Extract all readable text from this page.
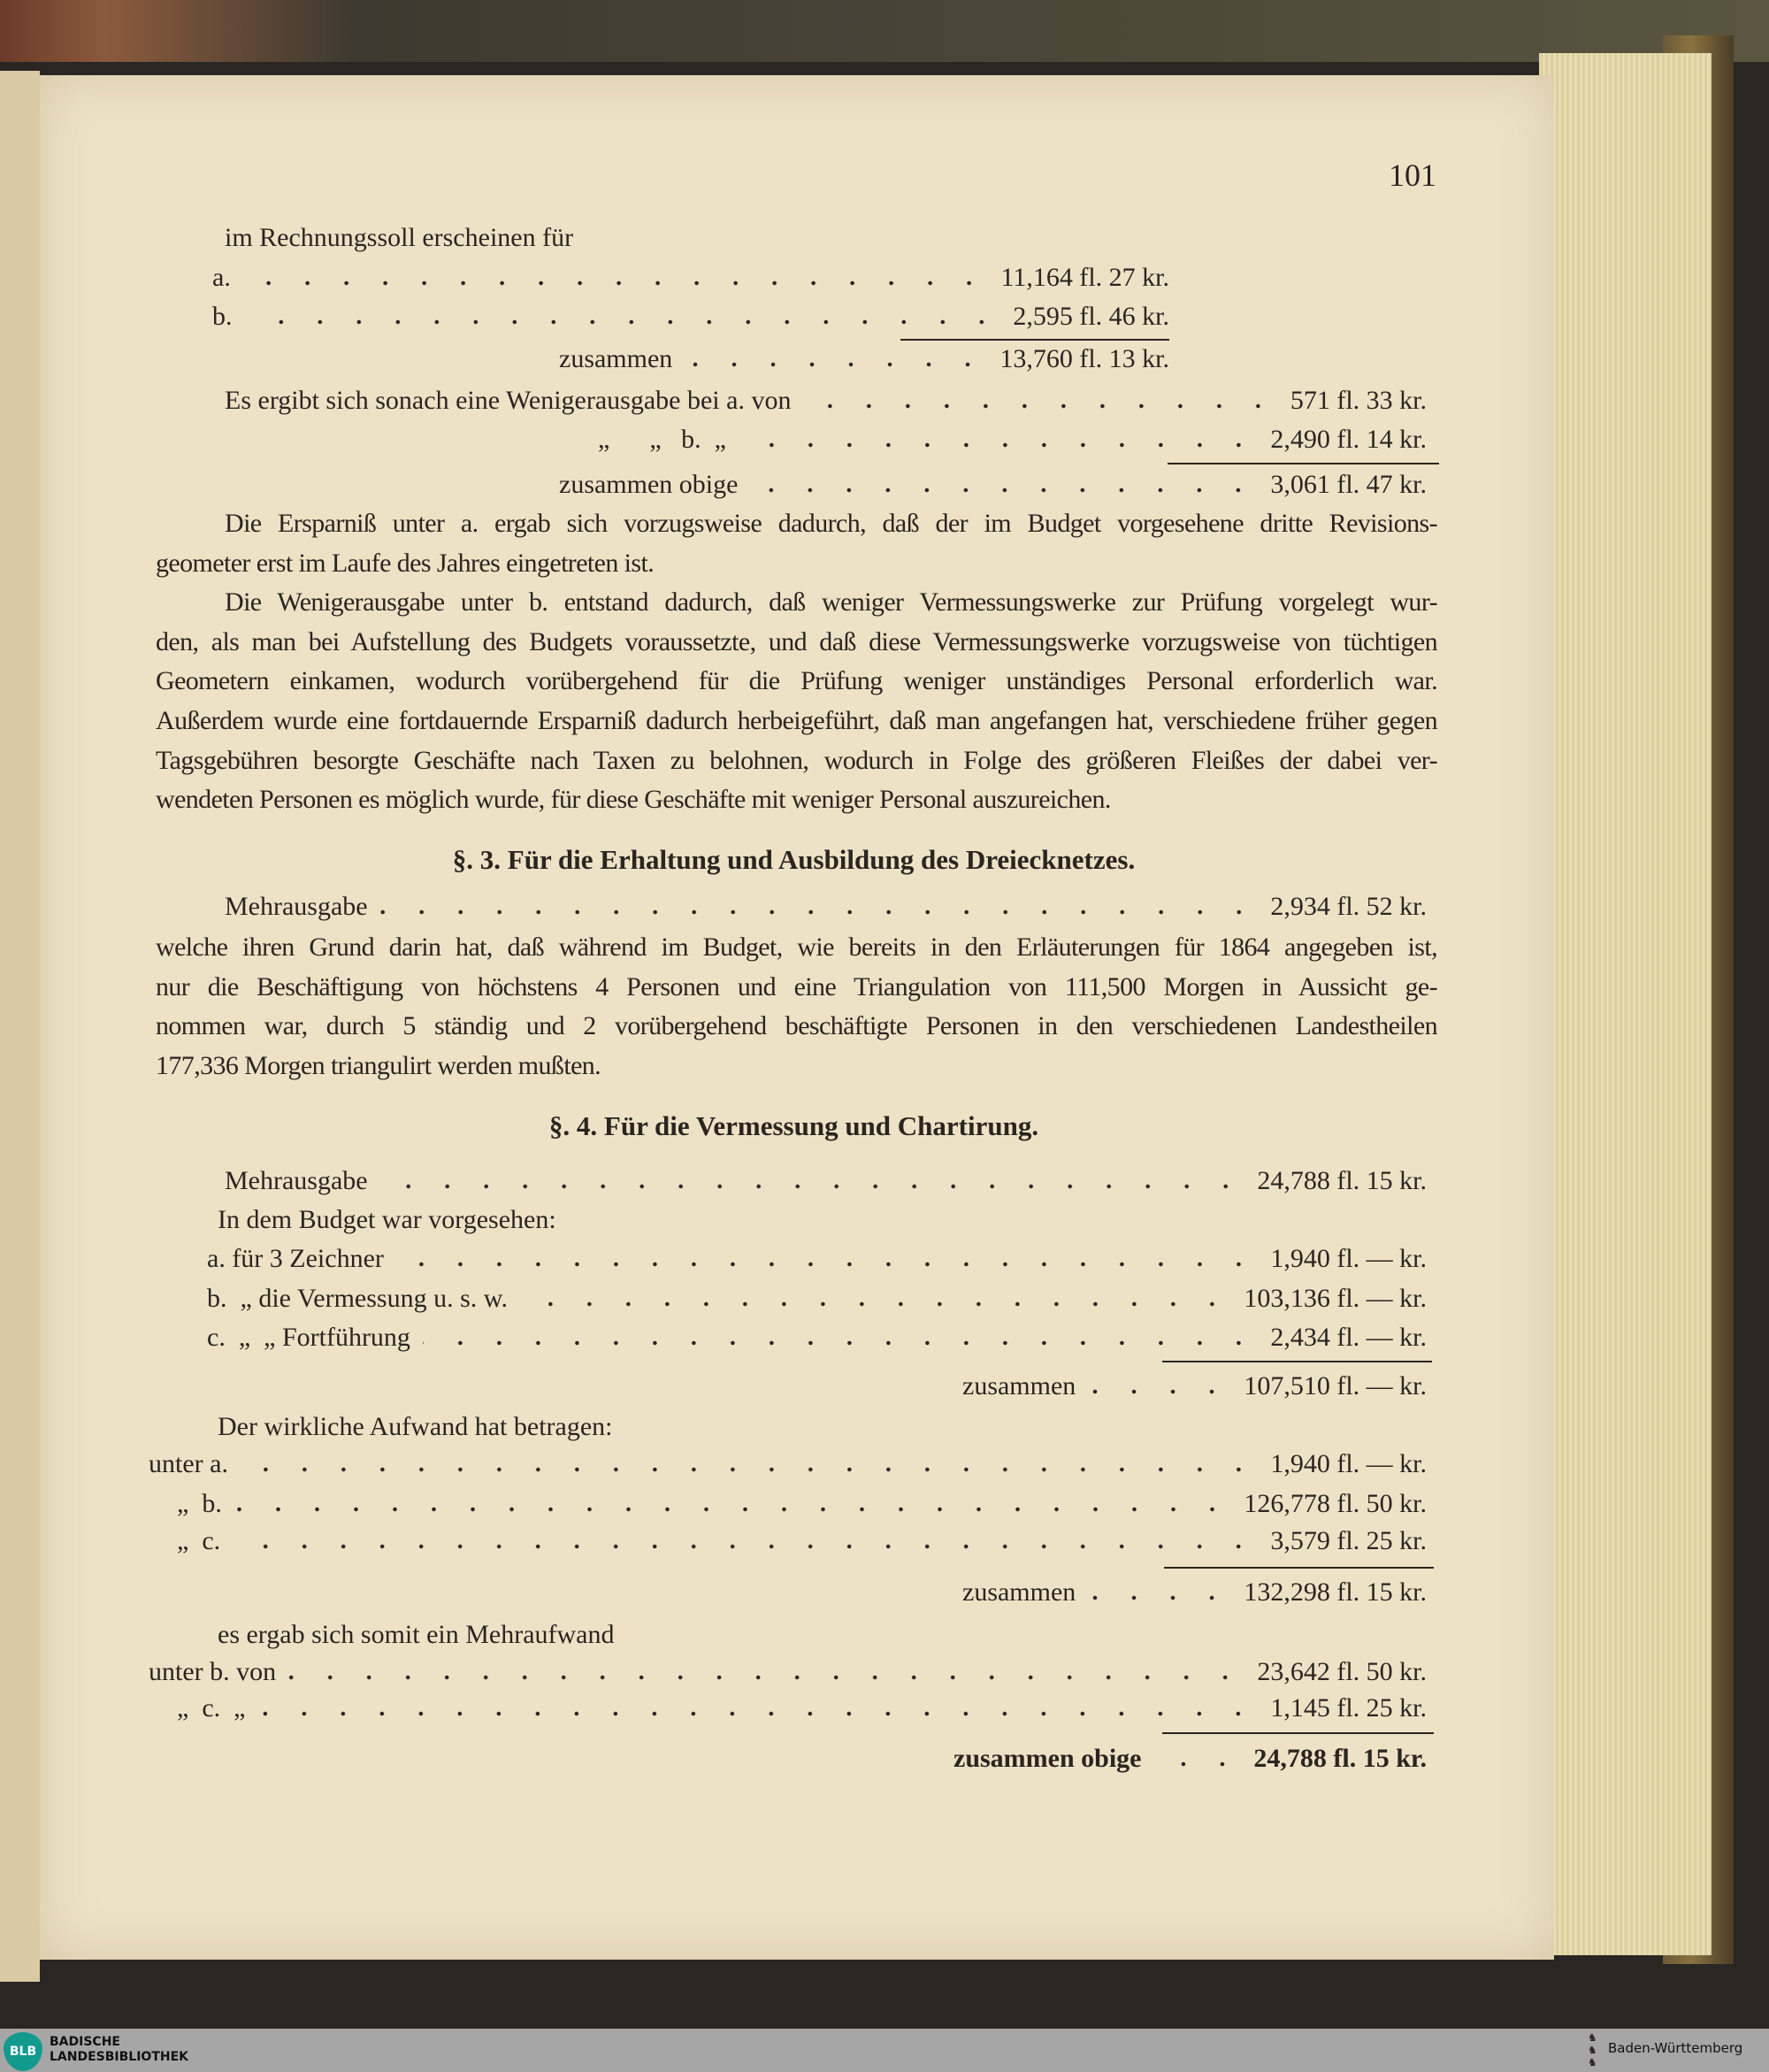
101
im Rechnungssoll erscheinen für
a.	11,164 fl. 27 kr.
b.	2,595 fl. 46 kr.
zusammen	13,760 fl. 13 kr.
Es ergibt sich sonach eine Wenigerausgabe bei a. von	571 fl. 33 kr.
„      „   b.  „	2,490 fl. 14 kr.
zusammen obige	3,061 fl. 47 kr.
Die Ersparniß unter a. ergab sich vorzugsweise dadurch, daß der im Budget vorgesehene dritte Revisions-
geometer erst im Laufe des Jahres eingetreten ist.
Die Wenigerausgabe unter b. entstand dadurch, daß weniger Vermessungswerke zur Prüfung vorgelegt wur-
den, als man bei Aufstellung des Budgets voraussetzte, und daß diese Vermessungswerke vorzugsweise von tüchtigen
Geometern einkamen, wodurch vorübergehend für die Prüfung weniger unständiges Personal erforderlich war.
Außerdem wurde eine fortdauernde Ersparniß dadurch herbeigeführt, daß man angefangen hat, verschiedene früher gegen
Tagsgebühren besorgte Geschäfte nach Taxen zu belohnen, wodurch in Folge des größeren Fleißes der dabei ver-
wendeten Personen es möglich wurde, für diese Geschäfte mit weniger Personal auszureichen.
§. 3. Für die Erhaltung und Ausbildung des Dreiecknetzes.
Mehrausgabe	2,934 fl. 52 kr.
welche ihren Grund darin hat, daß während im Budget, wie bereits in den Erläuterungen für 1864 angegeben ist,
nur die Beschäftigung von höchstens 4 Personen und eine Triangulation von 111,500 Morgen in Aussicht ge-
nommen war, durch 5 ständig und 2 vorübergehend beschäftigte Personen in den verschiedenen Landestheilen
177,336 Morgen triangulirt werden mußten.
§. 4. Für die Vermessung und Chartirung.
Mehrausgabe	24,788 fl. 15 kr.
In dem Budget war vorgesehen:
a. für 3 Zeichner	1,940 fl. — kr.
b.  „ die Vermessung u. s. w.	103,136 fl. — kr.
c.  „  „ Fortführung	2,434 fl. — kr.
zusammen	107,510 fl. — kr.
Der wirkliche Aufwand hat betragen:
unter a.	1,940 fl. — kr.
„  b.	126,778 fl. 50 kr.
„  c.	3,579 fl. 25 kr.
zusammen	132,298 fl. 15 kr.
es ergab sich somit ein Mehraufwand
unter b. von	23,642 fl. 50 kr.
„  c.  „	1,145 fl. 25 kr.
zusammen obige	24,788 fl. 15 kr.
BLB
BADISCHE
LANDESBIBLIOTHEK
♞
♞
♞
Baden-Württemberg
